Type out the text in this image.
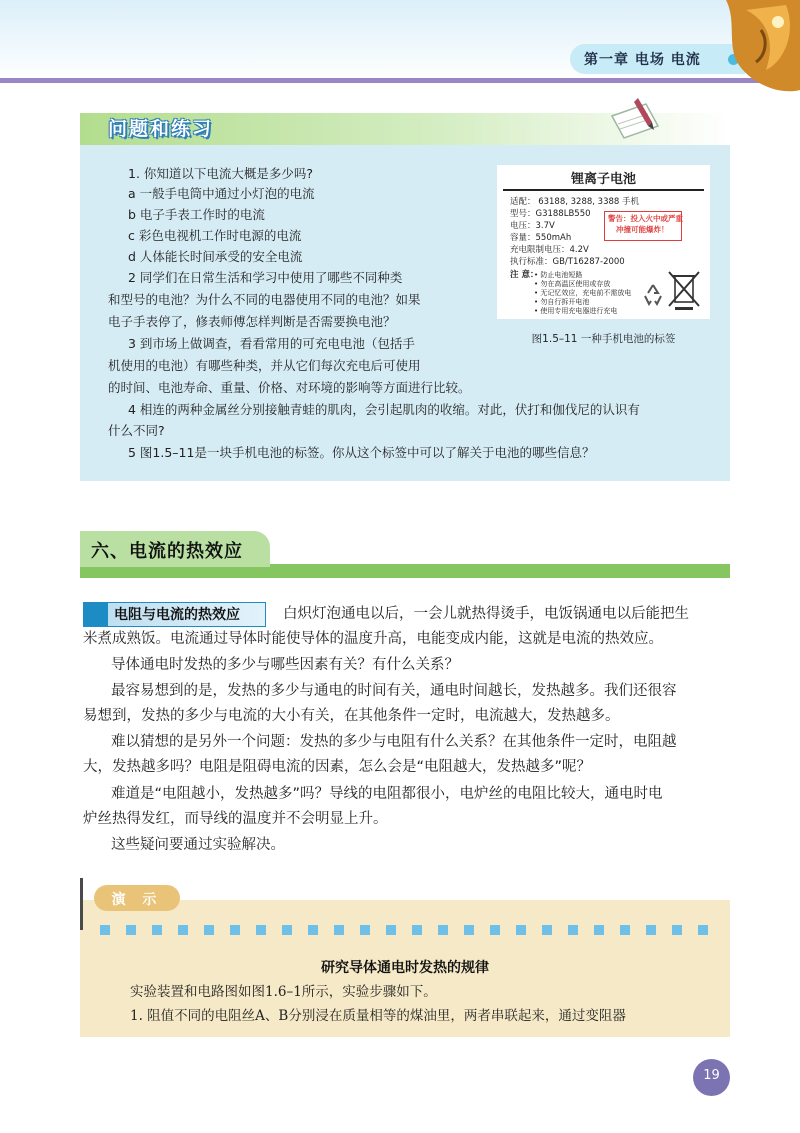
第一章 电场 电流
问题和练习
1. 你知道以下电流大概是多少吗?
a 一般手电筒中通过小灯泡的电流
b 电子手表工作时的电流
c 彩色电视机工作时电源的电流
d 人体能长时间承受的安全电流
2 同学们在日常生活和学习中使用了哪些不同种类
和型号的电池？为什么不同的电器使用不同的电池？如果
电子手表停了，修表师傅怎样判断是否需要换电池？
3 到市场上做调查，看看常用的可充电电池（包括手
机使用的电池）有哪些种类，并从它们每次充电后可使用
的时间、电池寿命、重量、价格、对环境的影响等方面进行比较。
4 相连的两种金属丝分别接触青蛙的肌肉，会引起肌肉的收缩。对此，伏打和伽伐尼的认识有
什么不同?
5 图1.5–11是一块手机电池的标签。你从这个标签中可以了解关于电池的哪些信息？
锂离子电池
适配： 63188, 3288, 3388 手机
型号：G3188LB550
电压：3.7V
容量：550mAh
充电限制电压：4.2V
执行标准：GB/T16287-2000
注 意：
• 防止电池短路
• 勿在高温区使用或存放
• 无记忆效应，充电前不需放电
• 勿自行拆开电池
• 使用专用充电器进行充电
警告：投入火中或严重
冲撞可能爆炸！
图1.5–11 一种手机电池的标签
六、电流的热效应
电阻与电流的热效应	白炽灯泡通电以后，一会儿就热得烫手，电饭锅通电以后能把生
米煮成熟饭。电流通过导体时能使导体的温度升高，电能变成内能，这就是电流的热效应。
导体通电时发热的多少与哪些因素有关？有什么关系？
最容易想到的是，发热的多少与通电的时间有关，通电时间越长，发热越多。我们还很容
易想到，发热的多少与电流的大小有关，在其他条件一定时，电流越大，发热越多。
难以猜想的是另外一个问题：发热的多少与电阻有什么关系？在其他条件一定时，电阻越
大，发热越多吗？电阻是阻碍电流的因素，怎么会是“电阻越大，发热越多”呢？
难道是“电阻越小，发热越多”吗？导线的电阻都很小，电炉丝的电阻比较大，通电时电
炉丝热得发红，而导线的温度并不会明显上升。
这些疑问要通过实验解决。
演 示
研究导体通电时发热的规律
实验装置和电路图如图1.6–1所示，实验步骤如下。
1. 阻值不同的电阻丝A、B分别浸在质量相等的煤油里，两者串联起来，通过变阻器
19
